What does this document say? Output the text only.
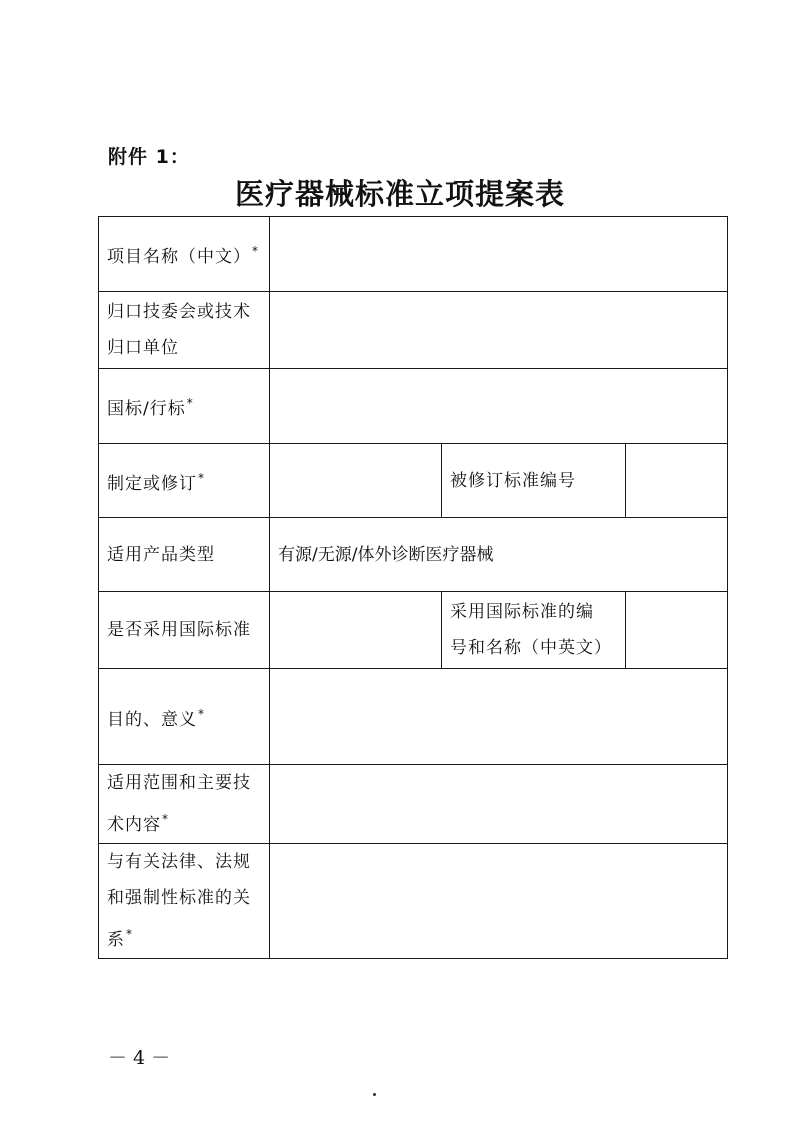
附件 1：
医疗器械标准立项提案表
项目名称（中文）*	
归口技委会或技术
归口单位			
国标/行标*	
制定或修订*		被修订标准编号	
适用产品类型	有源/无源/体外诊断医疗器械		
是否采用国际标准		采用国际标准的编
号和名称（中英文）	
目的、意义*	
适用范围和主要技
术内容*	
与有关法律、法规
和强制性标准的关
系*	
－ 4 －
